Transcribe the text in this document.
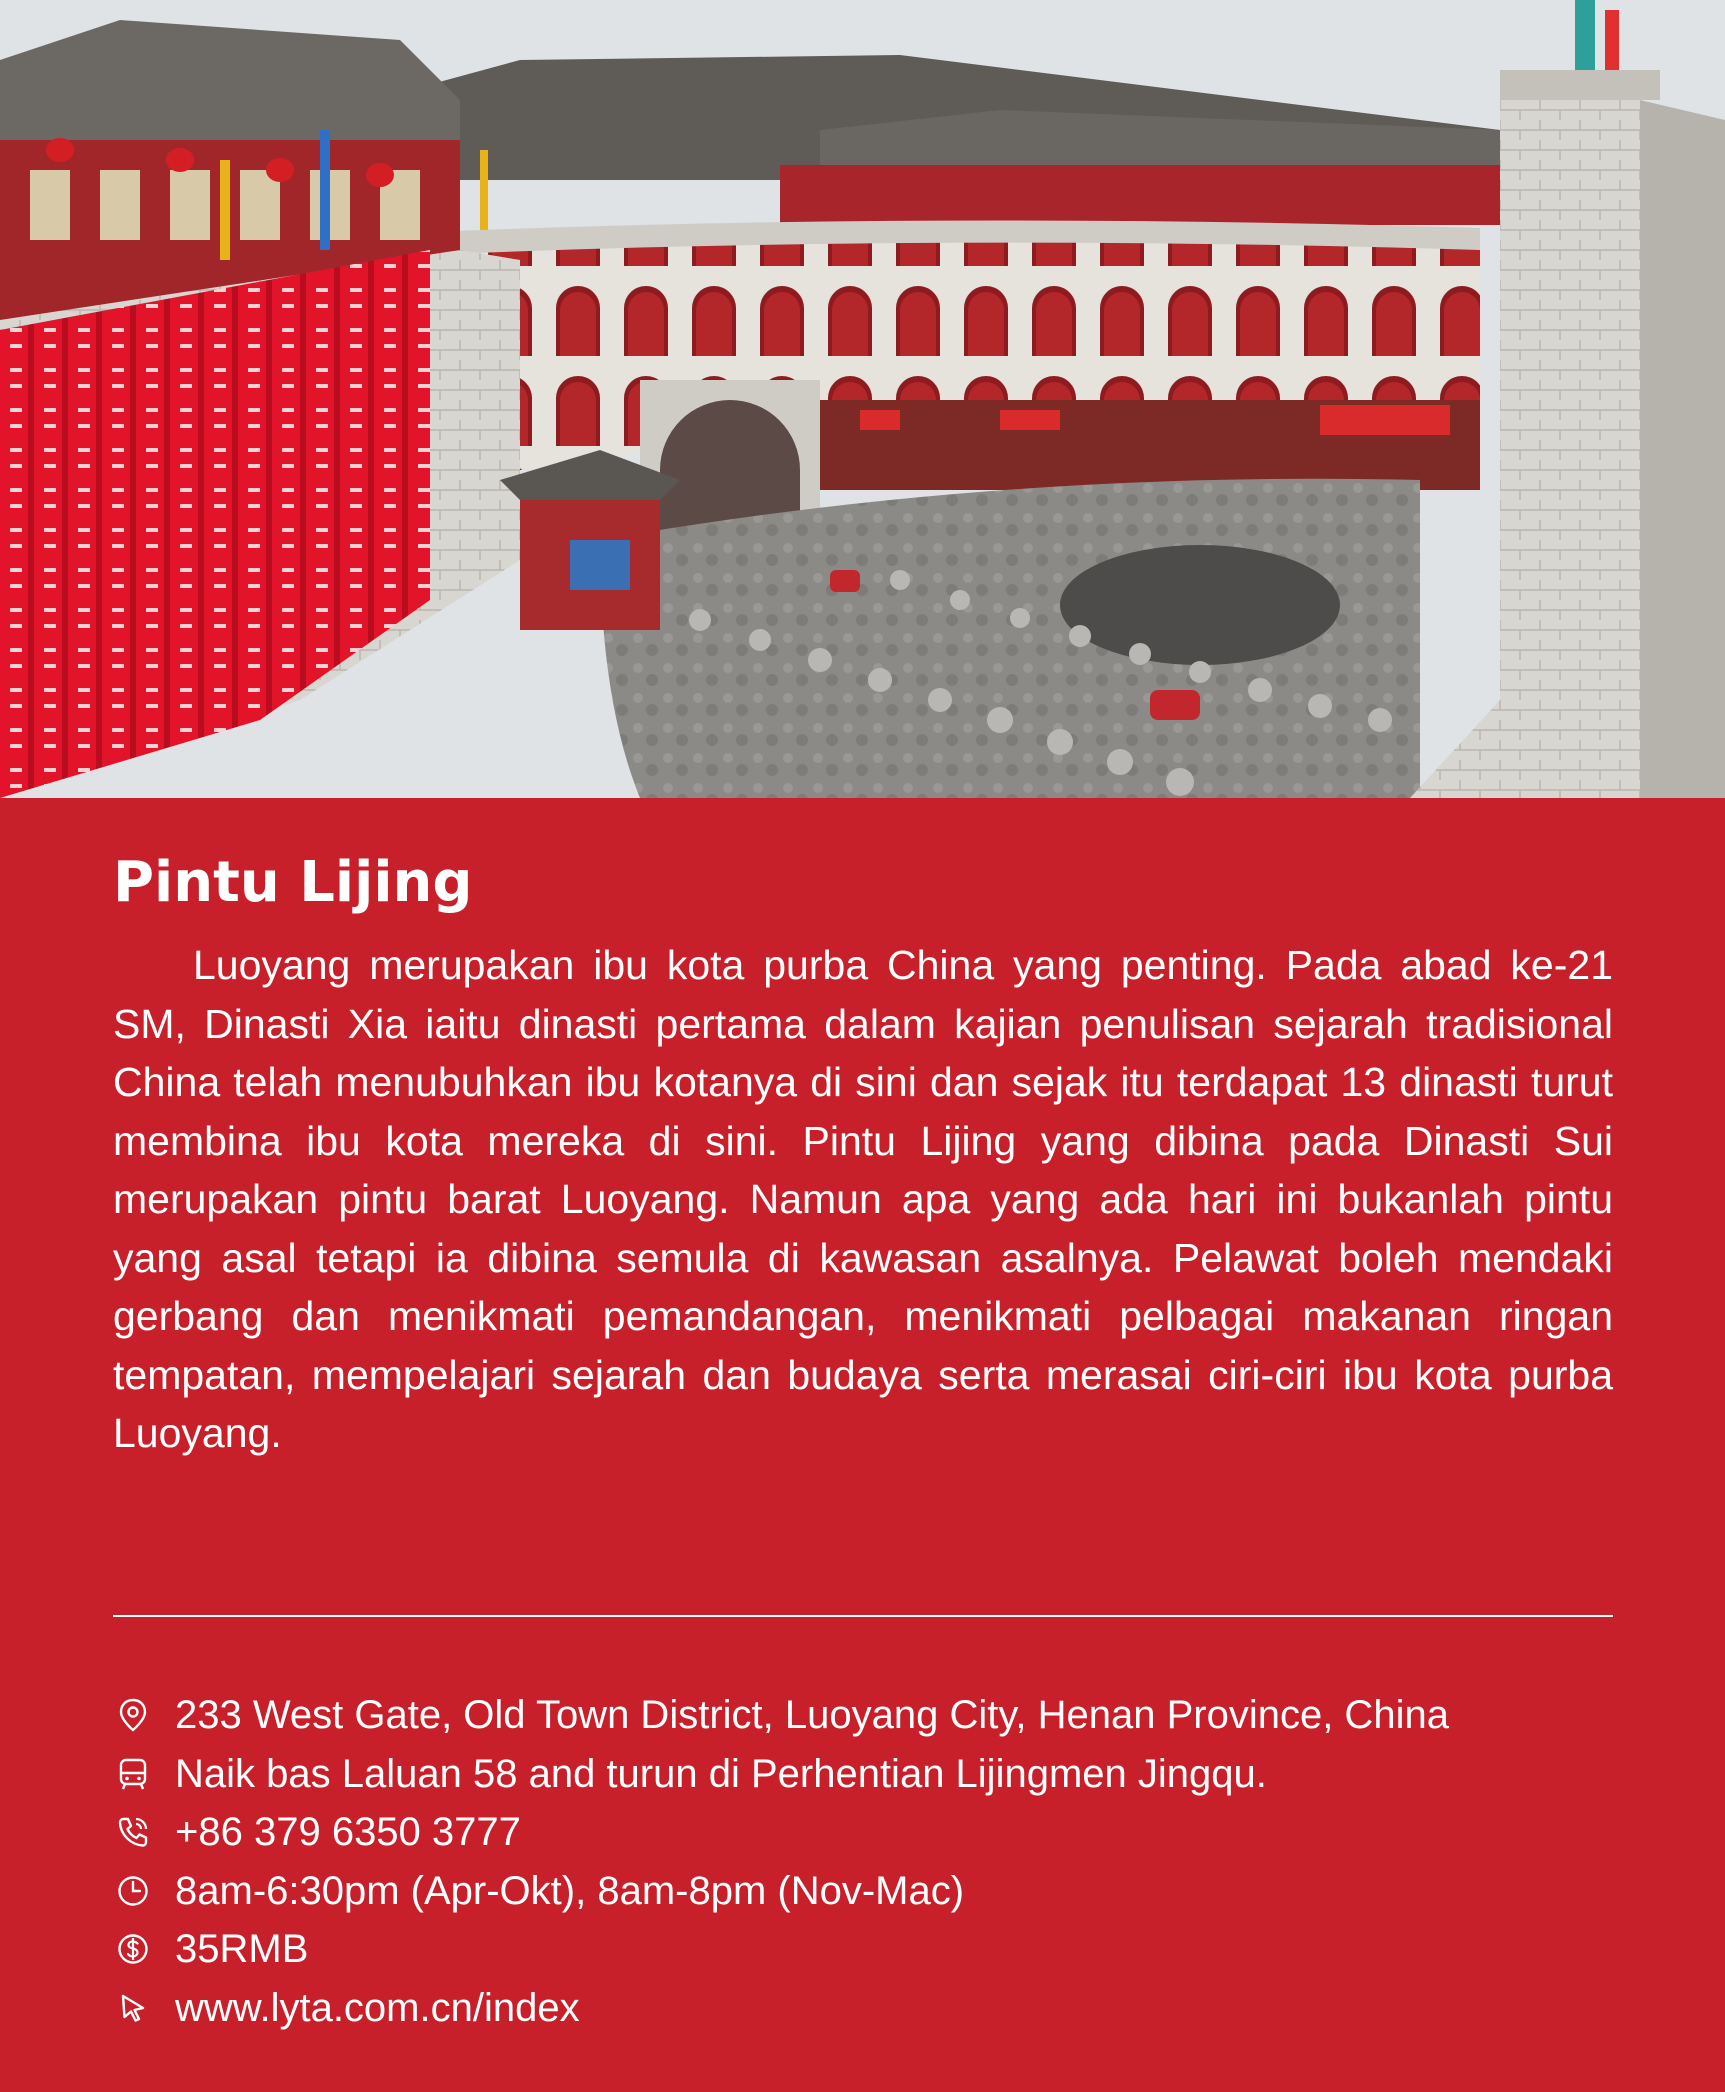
Pintu Lijing

Luoyang merupakan ibu kota purba China yang penting. Pada abad ke-21 SM, Dinasti Xia iaitu dinasti pertama dalam kajian penulisan sejarah tradisional China telah menubuhkan ibu kotanya di sini dan sejak itu terdapat 13 dinasti turut membina ibu kota mereka di sini. Pintu Lijing yang dibina pada Dinasti Sui merupakan pintu barat Luoyang. Namun apa yang ada hari ini bukanlah pintu yang asal tetapi ia dibina semula di kawasan asalnya. Pelawat boleh mendaki gerbang dan menikmati pemandangan, menikmati pelbagai makanan ringan tempatan, mempelajari sejarah dan budaya serta merasai ciri-ciri ibu kota purba Luoyang.

233 West Gate, Old Town District, Luoyang City, Henan Province, China
Naik bas Laluan 58 and turun di Perhentian Lijingmen Jingqu.
+86 379 6350 3777
8am-6:30pm (Apr-Okt), 8am-8pm (Nov-Mac)
35RMB
www.lyta.com.cn/index
